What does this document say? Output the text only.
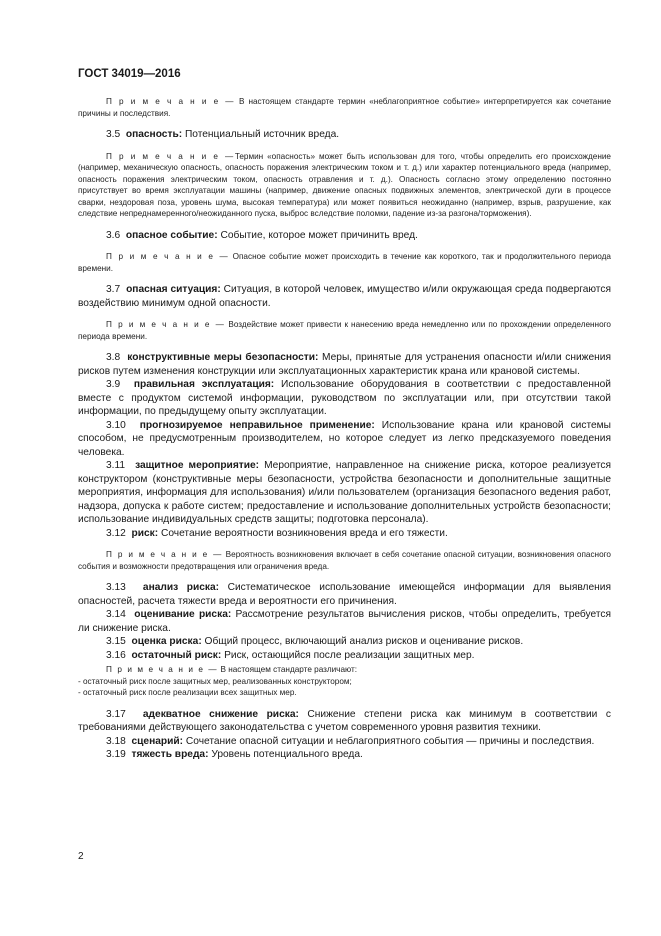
ГОСТ 34019—2016

П р и м е ч а н и е — В настоящем стандарте термин «неблагоприятное событие» интерпретируется как сочетание причины и последствия.

3.5 опасность: Потенциальный источник вреда.

П р и м е ч а н и е —Термин «опасность» может быть использован для того, чтобы определить его происхождение (например, механическую опасность, опасность поражения электрическим током и т. д.) или характер потенциального вреда (например, опасность поражения электрическим током, опасность отравления и т. д.). Опасность согласно этому определению постоянно присутствует во время эксплуатации машины (например, движение опасных подвижных элементов, электрической дуги в процессе сварки, нездоровая поза, уровень шума, высокая температура) или может появиться неожиданно (например, взрыв, разрушение, как следствие непреднамеренного/неожиданного пуска, выброс вследствие поломки, падение из-за разгона/торможения).

3.6 опасное событие: Событие, которое может причинить вред.

П р и м е ч а н и е — Опасное событие может происходить в течение как короткого, так и продолжительного периода времени.

3.7 опасная ситуация: Ситуация, в которой человек, имущество и/или окружающая среда подвергаются воздействию минимум одной опасности.

П р и м е ч а н и е — Воздействие может привести к нанесению вреда немедленно или по прохождении определенного периода времени.

3.8 конструктивные меры безопасности: Меры, принятые для устранения опасности и/или снижения рисков путем изменения конструкции или эксплуатационных характеристик крана или крановой системы.

3.9 правильная эксплуатация: Использование оборудования в соответствии с предоставленной вместе с продуктом системой информации, руководством по эксплуатации или, при отсутствии такой информации, по предыдущему опыту эксплуатации.

3.10 прогнозируемое неправильное применение: Использование крана или крановой системы способом, не предусмотренным производителем, но которое следует из легко предсказуемого поведения человека.

3.11 защитное мероприятие: Мероприятие, направленное на снижение риска, которое реализуется конструктором (конструктивные меры безопасности, устройства безопасности и дополнительные защитные мероприятия, информация для использования) и/или пользователем (организация безопасного ведения работ, надзора, допуска к работе систем; предоставление и использование дополнительных устройств безопасности; использование индивидуальных средств защиты; подготовка персонала).

3.12 риск: Сочетание вероятности возникновения вреда и его тяжести.

П р и м е ч а н и е — Вероятность возникновения включает в себя сочетание опасной ситуации, возникновения опасного события и возможности предотвращения или ограничения вреда.

3.13 анализ риска: Систематическое использование имеющейся информации для выявления опасностей, расчета тяжести вреда и вероятности его причинения.

3.14 оценивание риска: Рассмотрение результатов вычисления рисков, чтобы определить, требуется ли снижение риска.

3.15 оценка риска: Общий процесс, включающий анализ рисков и оценивание рисков.

3.16 остаточный риск: Риск, остающийся после реализации защитных мер.

П р и м е ч а н и е — В настоящем стандарте различают:

- остаточный риск после защитных мер, реализованных конструктором;

- остаточный риск после реализации всех защитных мер.

3.17 адекватное снижение риска: Снижение степени риска как минимум в соответствии с требованиями действующего законодательства с учетом современного уровня развития техники.

3.18 сценарий: Сочетание опасной ситуации и неблагоприятного события — причины и последствия.

3.19 тяжесть вреда: Уровень потенциального вреда.

2
